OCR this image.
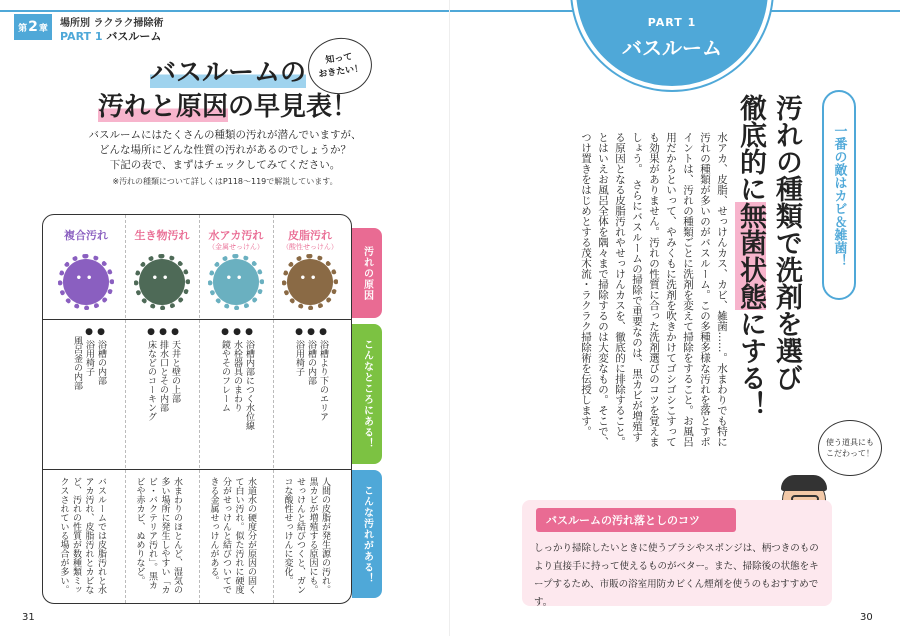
第 2 章 場所別 ラクラク掃除術
PART 1 バスルーム
知って
おきたい！
バスルームの
汚れと原因の早見表！
バスルームにはたくさんの種類の汚れが潜んでいますが、
どんな場所にどんな性質の汚れがあるのでしょうか？
下記の表で、まずはチェックしてみてください。
※汚れの種類について詳しくはP118〜119で解説しています。
複合汚れ
••
● 浴槽の内部
● 浴用椅子
　風呂釜の内部
バスルームでは皮脂汚れと水アカ汚れ、皮脂汚れとカビなど、汚れの性質が数種類ミックスされている場合が多い。
生き物汚れ
••
● 天井と壁の上部
● 排水口とその内部
● 床などのコーキング
水まわりのほとんど、湿気の多い場所に発生しやすい「カビ・バクテリア汚れ」。黒カビや赤カビ、ぬめりなど。
水アカ汚れ
（金属せっけん）
••
● 浴槽内部につく水位線
● 水栓器具のまわり
● 鏡やそのフレーム
水道水の硬度分が原因の固くて白い汚れ。似た汚れに硬度分がせっけんと結びついてできる金属せっけんがある。
皮脂汚れ
（酸性せっけん）
••
● 浴槽より下のエリア
● 浴槽の内部
● 浴用椅子
人間の皮脂が発生源の汚れ。黒カビが増殖する原因にも。せっけんと結びつくと、ガンコな酸性せっけんに変化。
汚れの原因
こんなところにある！
こんな汚れがある！
31
PART 1
バスルーム
一番の敵はカビ＆雑菌！
汚れの種類で洗剤を選び
徹底的に無菌状態にする！
水アカ、皮脂、せっけんカス、カビ、雑菌……。水まわりでも特に汚れの種類が多いのがバスルーム。この多種多様な汚れを落とすポイントは、汚れの種類ごとに洗剤を変えて掃除をすること。お風呂用だからといって、やみくもに洗剤を吹きかけてゴシゴシこすっても効果がありません。汚れの性質に合った洗剤選びのコツを覚えましょう。　さらにバスルームの掃除で重要なのは、黒カビが増殖する原因となる皮脂汚れやせっけんカスを、徹底的に排除すること。とはいえお風呂全体を隅々まで掃除するのは大変なもの。そこで、つけ置きをはじめとする茂木流・ラクラク掃除術を伝授します。
使う道具にも
こだわって！
バスルームの汚れ落としのコツ
しっかり掃除したいときに使うブラシやスポンジは、柄つきのものより直接手に持って使えるものがベター。また、掃除後の状態をキープするため、市販の浴室用防カビくん煙剤を使うのもおすすめです。
30
